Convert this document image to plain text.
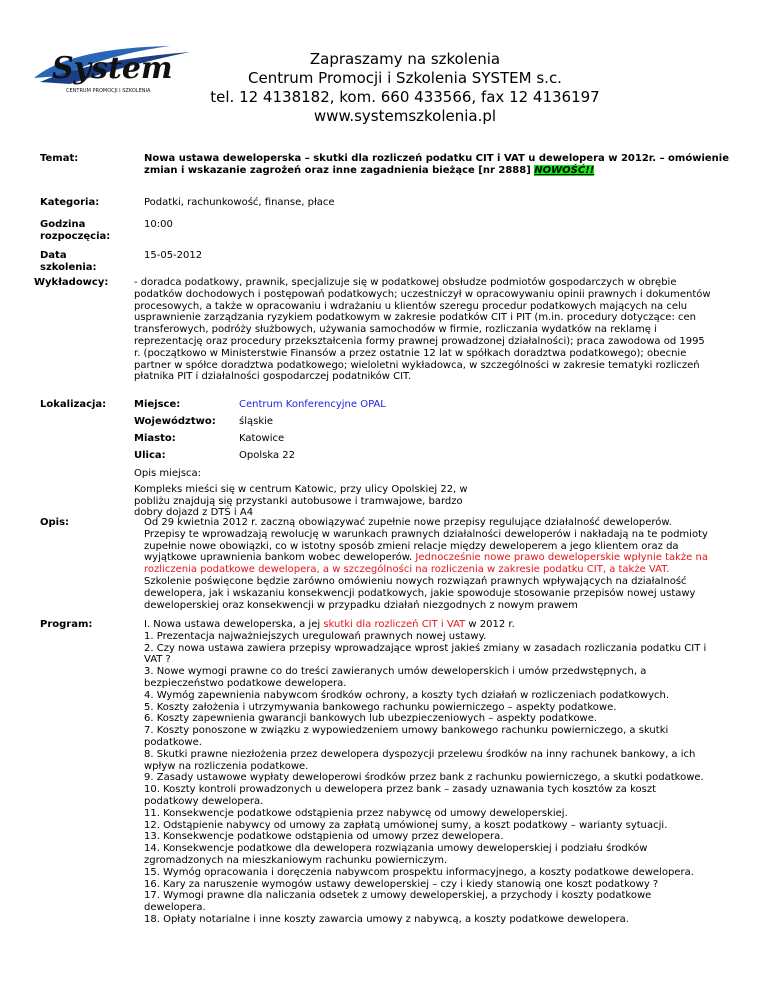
System
CENTRUM PROMOCJI I SZKOLENIA
Zapraszamy na szkolenia
Centrum Promocji i Szkolenia SYSTEM s.c.
tel. 12 4138182, kom. 660 433566, fax 12 4136197
www.systemszkolenia.pl
Temat:	Nowa ustawa deweloperska – skutki dla rozliczeń podatku CIT i VAT u dewelopera w 2012r. – omówienie zmian i wskazanie zagrożeń oraz inne zagadnienia bieżące [nr 2888] NOWOŚĆ!!
Kategoria:	Podatki, rachunkowość, finanse, płace
Godzina
rozpoczęcia:
10:00
Data
szkolenia:
15-05-2012
Wykładowcy:	- doradca podatkowy, prawnik, specjalizuje się w podatkowej obsłudze podmiotów gospodarczych w obrębie
podatków dochodowych i postępowań podatkowych; uczestniczył w opracowywaniu opinii prawnych i dokumentów
procesowych, a także w opracowaniu i wdrażaniu u klientów szeregu procedur podatkowych mających na celu
usprawnienie zarządzania ryzykiem podatkowym w zakresie podatków CIT i PIT (m.in. procedury dotyczące: cen
transferowych, podróży służbowych, używania samochodów w firmie, rozliczania wydatków na reklamę i
reprezentację oraz procedury przekształcenia formy prawnej prowadzonej działalności); praca zawodowa od 1995
r. (początkowo w Ministerstwie Finansów a przez ostatnie 12 lat w spółkach doradztwa podatkowego); obecnie
partner w spółce doradztwa podatkowego; wieloletni wykładowca, w szczególności w zakresie tematyki rozliczeń
płatnika PIT i działalności gospodarczej podatników CIT.
Lokalizacja:	Miejsce:	Centrum Konferencyjne OPAL
Województwo:	śląskie
Miasto:	Katowice
Ulica:	Opolska 22
Opis miejsca:
Kompleks mieści się w centrum Katowic, przy ulicy Opolskiej 22, w
pobliżu znajdują się przystanki autobusowe i tramwajowe, bardzo
dobry dojazd z DTŚ i A4
Opis:	Od 29 kwietnia 2012 r. zaczną obowiązywać zupełnie nowe przepisy regulujące działalność deweloperów.
Przepisy te wprowadzają rewolucję w warunkach prawnych działalności deweloperów i nakładają na te podmioty
zupełnie nowe obowiązki, co w istotny sposób zmieni relacje między deweloperem a jego klientem oraz da
wyjątkowe uprawnienia bankom wobec deweloperów. Jednocześnie nowe prawo deweloperskie wpłynie także na
rozliczenia podatkowe dewelopera, a w szczególności na rozliczenia w zakresie podatku CIT, a także VAT.
Szkolenie poświęcone będzie zarówno omówieniu nowych rozwiązań prawnych wpływających na działalność
dewelopera, jak i wskazaniu konsekwencji podatkowych, jakie spowoduje stosowanie przepisów nowej ustawy
deweloperskiej oraz konsekwencji w przypadku działań niezgodnych z nowym prawem
Program:	I. Nowa ustawa deweloperska, a jej skutki dla rozliczeń CIT i VAT w 2012 r.
1. Prezentacja najważniejszych uregulowań prawnych nowej ustawy.
2. Czy nowa ustawa zawiera przepisy wprowadzające wprost jakieś zmiany w zasadach rozliczania podatku CIT i
VAT ?
3. Nowe wymogi prawne co do treści zawieranych umów deweloperskich i umów przedwstępnych, a
bezpieczeństwo podatkowe dewelopera.
4. Wymóg zapewnienia nabywcom środków ochrony, a koszty tych działań w rozliczeniach podatkowych.
5. Koszty założenia i utrzymywania bankowego rachunku powierniczego – aspekty podatkowe.
6. Koszty zapewnienia gwarancji bankowych lub ubezpieczeniowych – aspekty podatkowe.
7. Koszty ponoszone w związku z wypowiedzeniem umowy bankowego rachunku powierniczego, a skutki
podatkowe.
8. Skutki prawne niezłożenia przez dewelopera dyspozycji przelewu środków na inny rachunek bankowy, a ich
wpływ na rozliczenia podatkowe.
9. Zasady ustawowe wypłaty deweloperowi środków przez bank z rachunku powierniczego, a skutki podatkowe.
10. Koszty kontroli prowadzonych u dewelopera przez bank – zasady uznawania tych kosztów za koszt
podatkowy dewelopera.
11. Konsekwencje podatkowe odstąpienia przez nabywcę od umowy deweloperskiej.
12. Odstąpienie nabywcy od umowy za zapłatą umówionej sumy, a koszt podatkowy – warianty sytuacji.
13. Konsekwencje podatkowe odstąpienia od umowy przez dewelopera.
14. Konsekwencje podatkowe dla dewelopera rozwiązania umowy deweloperskiej i podziału środków
zgromadzonych na mieszkaniowym rachunku powierniczym.
15. Wymóg opracowania i doręczenia nabywcom prospektu informacyjnego, a koszty podatkowe dewelopera.
16. Kary za naruszenie wymogów ustawy deweloperskiej – czy i kiedy stanowią one koszt podatkowy ?
17. Wymogi prawne dla naliczania odsetek z umowy deweloperskiej, a przychody i koszty podatkowe
dewelopera.
18. Opłaty notarialne i inne koszty zawarcia umowy z nabywcą, a koszty podatkowe dewelopera.
